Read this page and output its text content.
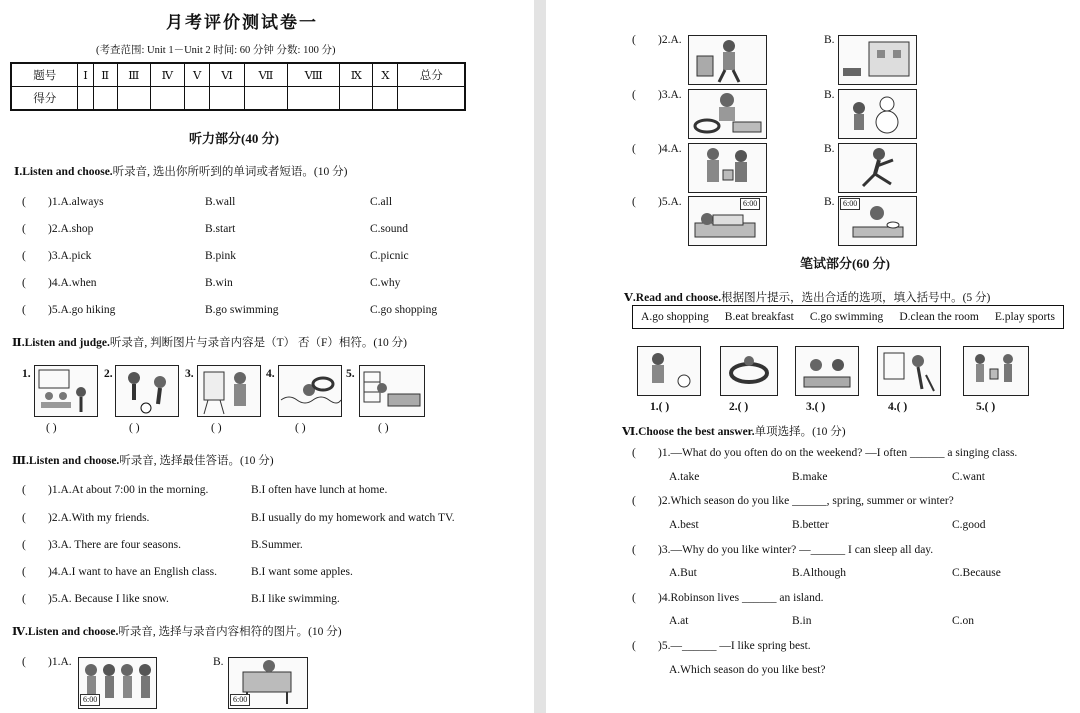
月考评价测试卷一
(考查范围: Unit 1－Unit 2 时间: 60 分钟 分数: 100 分)
题号	Ⅰ	Ⅱ	Ⅲ	Ⅳ	Ⅴ	Ⅵ	Ⅶ	Ⅷ	Ⅸ	Ⅹ	总分
得分											
听力部分(40 分)
Ⅰ.Listen and choose.听录音, 选出你所听到的单词或者短语。(10 分)
( )1.A.always	B.wall	C.all
( )2.A.shop	B.start	C.sound
( )3.A.pick	B.pink	C.picnic
( )4.A.when	B.win	C.why
( )5.A.go hiking	B.go swimming	C.go shopping
Ⅱ.Listen and judge.听录音, 判断图片与录音内容是（T） 否（F）相符。(10 分)
1.	2.	3.	4.	5.
( )	( )	( )	( )	( )
Ⅲ.Listen and choose.听录音, 选择最佳答语。(10 分)
( )1.A.At about 7:00 in the morning.	B.I often have lunch at home.
( )2.A.With my friends.	B.I usually do my homework and watch TV.
( )3.A. There are four seasons.	B.Summer.
( )4.A.I want to have an English class.	B.I want some apples.
( )5.A. Because I like snow.	B.I like swimming.
Ⅳ.Listen and choose.听录音, 选择与录音内容相符的图片。(10 分)
( )1.A.
6:00
B.
6:00
( )2.A.	B.
( )3.A.	B.
( )4.A.	B.
( )5.A.	6:00	B.	6:00
笔试部分(60 分)
Ⅴ.Read and choose.根据图片提示，选出合适的选项，填入括号中。(5 分)
A.go shopping B.eat breakfast C.go swimming D.clean the room E.play sports
1.( )	2.( )	3.( )	4.( )	5.( )
Ⅵ.Choose the best answer.单项选择。(10 分)
( )1.—What do you often do on the weekend? —I often ______ a singing class.
A.take	B.make	C.want
( )2.Which season do you like ______, spring, summer or winter?
A.best	B.better	C.good
( )3.—Why do you like winter? —______ I can sleep all day.
A.But	B.Although	C.Because
( )4.Robinson lives ______ an island.
A.at	B.in	C.on
( )5.—______ —I like spring best.
A.Which season do you like best?
